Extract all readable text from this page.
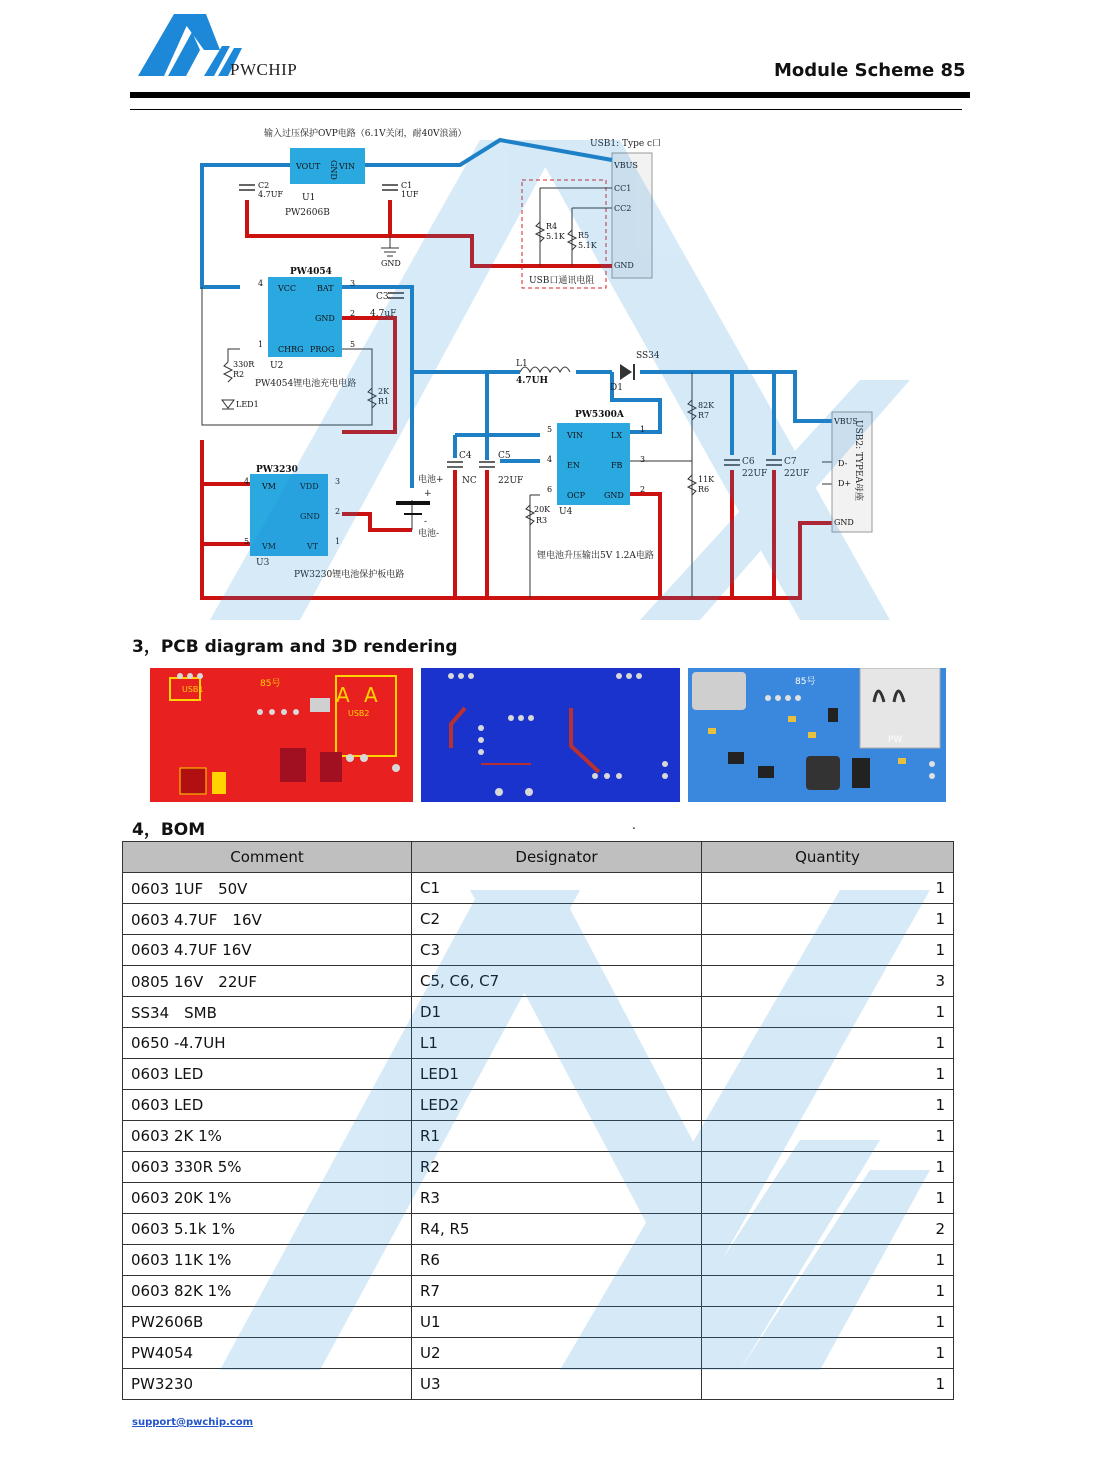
PWCHIP	Module Scheme 85
输入过压保护OVP电路（6.1V关闭，耐40V浪涌）
USB1: Type c口
USB口通讯电阻
PW4054锂电池充电电路
PW3230锂电池保护板电路
锂电池升压输出5V 1.2A电路
USB2: TYPEA母座
VBUS
CC1
CC2
GND
VBUS
D-
D+
GND
VOUT GND VIN
U1
PW2606B
PW4054
VCC	BAT
GND
CHRG PROG
4	3
2
1	5
U2
PW3230
VM	VDD
GND
VM	VT
4	3
2
5	1
U3
PW5300A
VIN	LX
EN	FB
OCP GND
5	1
4	3
6	2
U4
C2
4.7UF
C1
1UF
C3
4.7uF
C4
NC
C5
22UF
C6
22UF
C7
22UF
2K
R1
330R
R2
20K
R3
R4
5.1K R5
5.1K
11K
R6
82K
R7
L1
4.7UH
SS34
D1
LED1
GND
电池+
+
-
电池-
3，PCB diagram and 3D rendering
USB1
85号
USB2
A A
85号
PW
4，BOM	.
Comment	Designator	Quantity
0603 1UF　50V	C1	1
0603 4.7UF　16V	C2	1
0603 4.7UF 16V	C3	1
0805 16V　22UF	C5, C6, C7	3
SS34　SMB	D1	1
0650 -4.7UH	L1	1
0603 LED	LED1	1
0603 LED	LED2	1
0603 2K 1%	R1	1
0603 330R 5%	R2	1
0603 20K 1%	R3	1
0603 5.1k 1%	R4, R5	2
0603 11K 1%	R6	1
0603 82K 1%	R7	1
PW2606B	U1	1
PW4054	U2	1
PW3230	U3	1
support@pwchip.com
